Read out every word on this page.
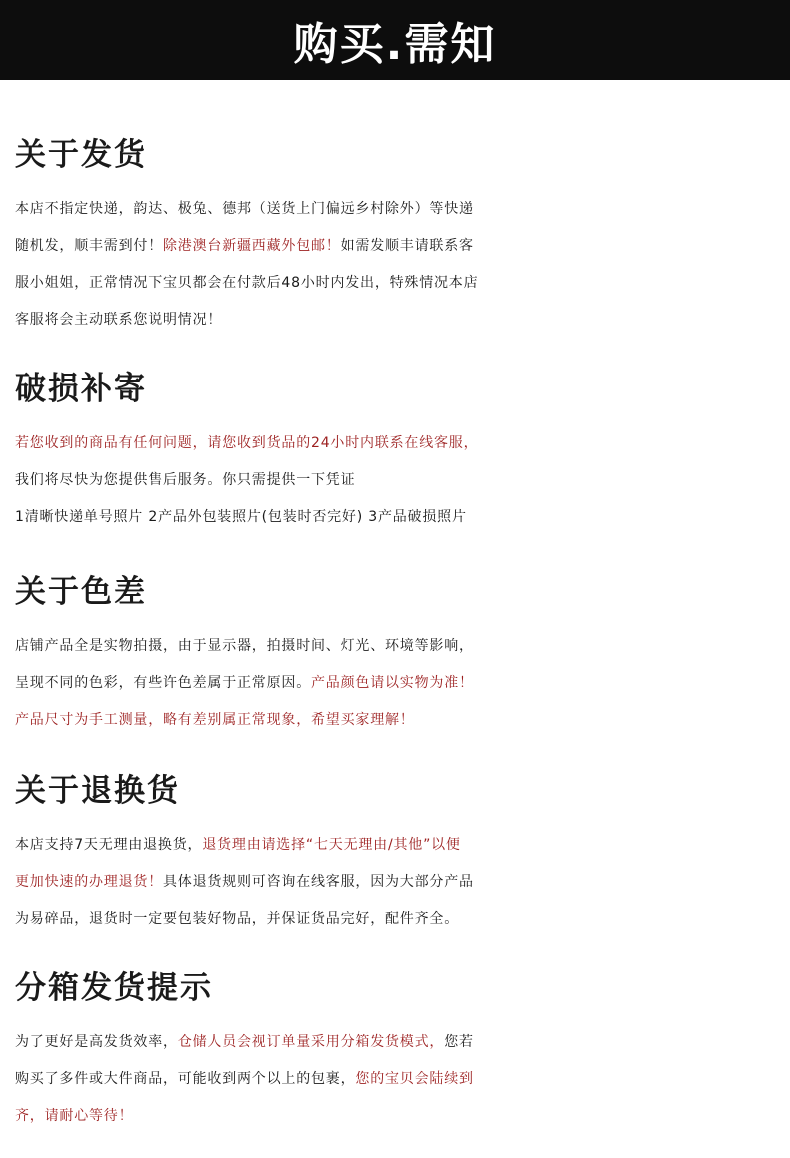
购买.需知
关于发货
本店不指定快递，韵达、极兔、德邦（送货上门偏远乡村除外）等快递
随机发，顺丰需到付！除港澳台新疆西藏外包邮！如需发顺丰请联系客
服小姐姐，正常情况下宝贝都会在付款后48小时内发出，特殊情况本店
客服将会主动联系您说明情况！
破损补寄
若您收到的商品有任何问题，请您收到货品的24小时内联系在线客服，
我们将尽快为您提供售后服务。你只需提供一下凭证
1清晰快递单号照片 2产品外包装照片(包装时否完好) 3产品破损照片
关于色差
店铺产品全是实物拍摄，由于显示器，拍摄时间、灯光、环境等影响，
呈现不同的色彩，有些许色差属于正常原因。产品颜色请以实物为准！
产品尺寸为手工测量，略有差别属正常现象，希望买家理解！
关于退换货
本店支持7天无理由退换货，退货理由请选择“七天无理由/其他”以便
更加快速的办理退货！具体退货规则可咨询在线客服，因为大部分产品
为易碎品，退货时一定要包装好物品，并保证货品完好，配件齐全。
分箱发货提示
为了更好是高发货效率，仓储人员会视订单量采用分箱发货模式，您若
购买了多件或大件商品，可能收到两个以上的包裹，您的宝贝会陆续到
齐，请耐心等待！
